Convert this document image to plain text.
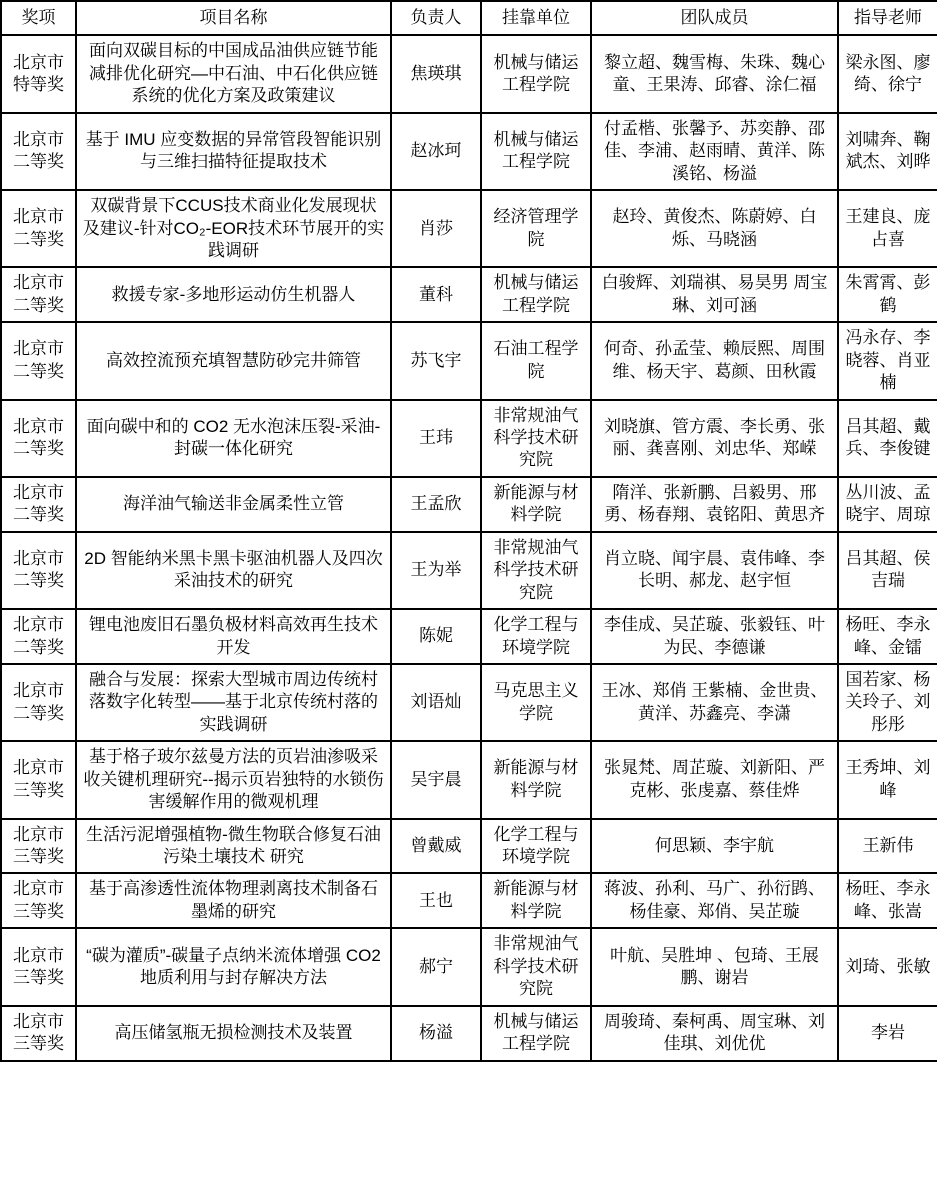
奖项	项目名称	负责人	挂靠单位	团队成员	指导老师
北京市特等奖	面向双碳目标的中国成品油供应链节能减排优化研究—中石油、中石化供应链系统的优化方案及政策建议	焦瑛琪	机械与储运工程学院	黎立超、魏雪梅、朱珠、魏心童、王果涛、邱睿、涂仁福	梁永图、廖绮、徐宁
北京市二等奖	基于 IMU 应变数据的异常管段智能识别与三维扫描特征提取技术	赵冰珂	机械与储运工程学院	付孟楷、张馨予、苏奕静、邵佳、李浦、赵雨晴、黄洋、陈溪铭、杨溢	刘啸奔、鞠斌杰、刘晔
北京市二等奖	双碳背景下CCUS技术商业化发展现状及建议-针对CO₂-EOR技术环节展开的实践调研	肖莎	经济管理学院	赵玲、黄俊杰、陈蔚婷、白烁、马晓涵	王建良、庞占喜
北京市二等奖	救援专家-多地形运动仿生机器人	董科	机械与储运工程学院	白骏辉、刘瑞祺、易昊男 周宝琳、刘可涵	朱霄霄、彭鹤
北京市二等奖	高效控流预充填智慧防砂完井筛管	苏飞宇	石油工程学院	何奇、孙孟莹、赖辰熙、周围维、杨天宇、葛颜、田秋霞	冯永存、李晓蓉、肖亚楠
北京市二等奖	面向碳中和的 CO2 无水泡沫压裂-采油-封碳一体化研究	王玮	非常规油气科学技术研究院	刘晓旗、管方震、李长勇、张丽、龚喜刚、刘忠华、郑嵘	吕其超、戴兵、李俊键
北京市二等奖	海洋油气输送非金属柔性立管	王孟欣	新能源与材料学院	隋洋、张新鹏、吕毅男、邢勇、杨春翔、袁铭阳、黄思齐	丛川波、孟晓宇、周琼
北京市二等奖	2D 智能纳米黑卡黑卡驱油机器人及四次采油技术的研究	王为举	非常规油气科学技术研究院	肖立晓、闻宇晨、袁伟峰、李长明、郝龙、赵宇恒	吕其超、侯吉瑞
北京市二等奖	锂电池废旧石墨负极材料高效再生技术开发	陈妮	化学工程与环境学院	李佳成、吴芷璇、张毅钰、叶为民、李德谦	杨旺、李永峰、金镭
北京市二等奖	融合与发展：探索大型城市周边传统村落数字化转型——基于北京传统村落的实践调研	刘语灿	马克思主义学院	王冰、郑俏 王紫楠、金世贵、黄洋、苏鑫亮、李潇	国若家、杨关玲子、刘彤彤
北京市三等奖	基于格子玻尔兹曼方法的页岩油渗吸采收关键机理研究--揭示页岩独特的水锁伤害缓解作用的微观机理	吴宇晨	新能源与材料学院	张晁梵、周芷璇、刘新阳、严克彬、张虔嘉、蔡佳烨	王秀坤、刘峰
北京市三等奖	生活污泥增强植物-微生物联合修复石油污染土壤技术 研究	曾戴威	化学工程与环境学院	何思颖、李宇航	王新伟
北京市三等奖	基于高渗透性流体物理剥离技术制备石墨烯的研究	王也	新能源与材料学院	蒋波、孙利、马广、孙衍鹍、杨佳豪、郑俏、吴芷璇	杨旺、李永峰、张嵩
北京市三等奖	“碳为灌质”-碳量子点纳米流体增强 CO2 地质利用与封存解决方法	郝宁	非常规油气科学技术研究院	叶航、吴胜坤 、包琦、王展鹏、谢岩	刘琦、张敏
北京市三等奖	高压储氢瓶无损检测技术及装置	杨溢	机械与储运工程学院	周骏琦、秦柯禹、周宝琳、刘佳琪、刘优优	李岩
